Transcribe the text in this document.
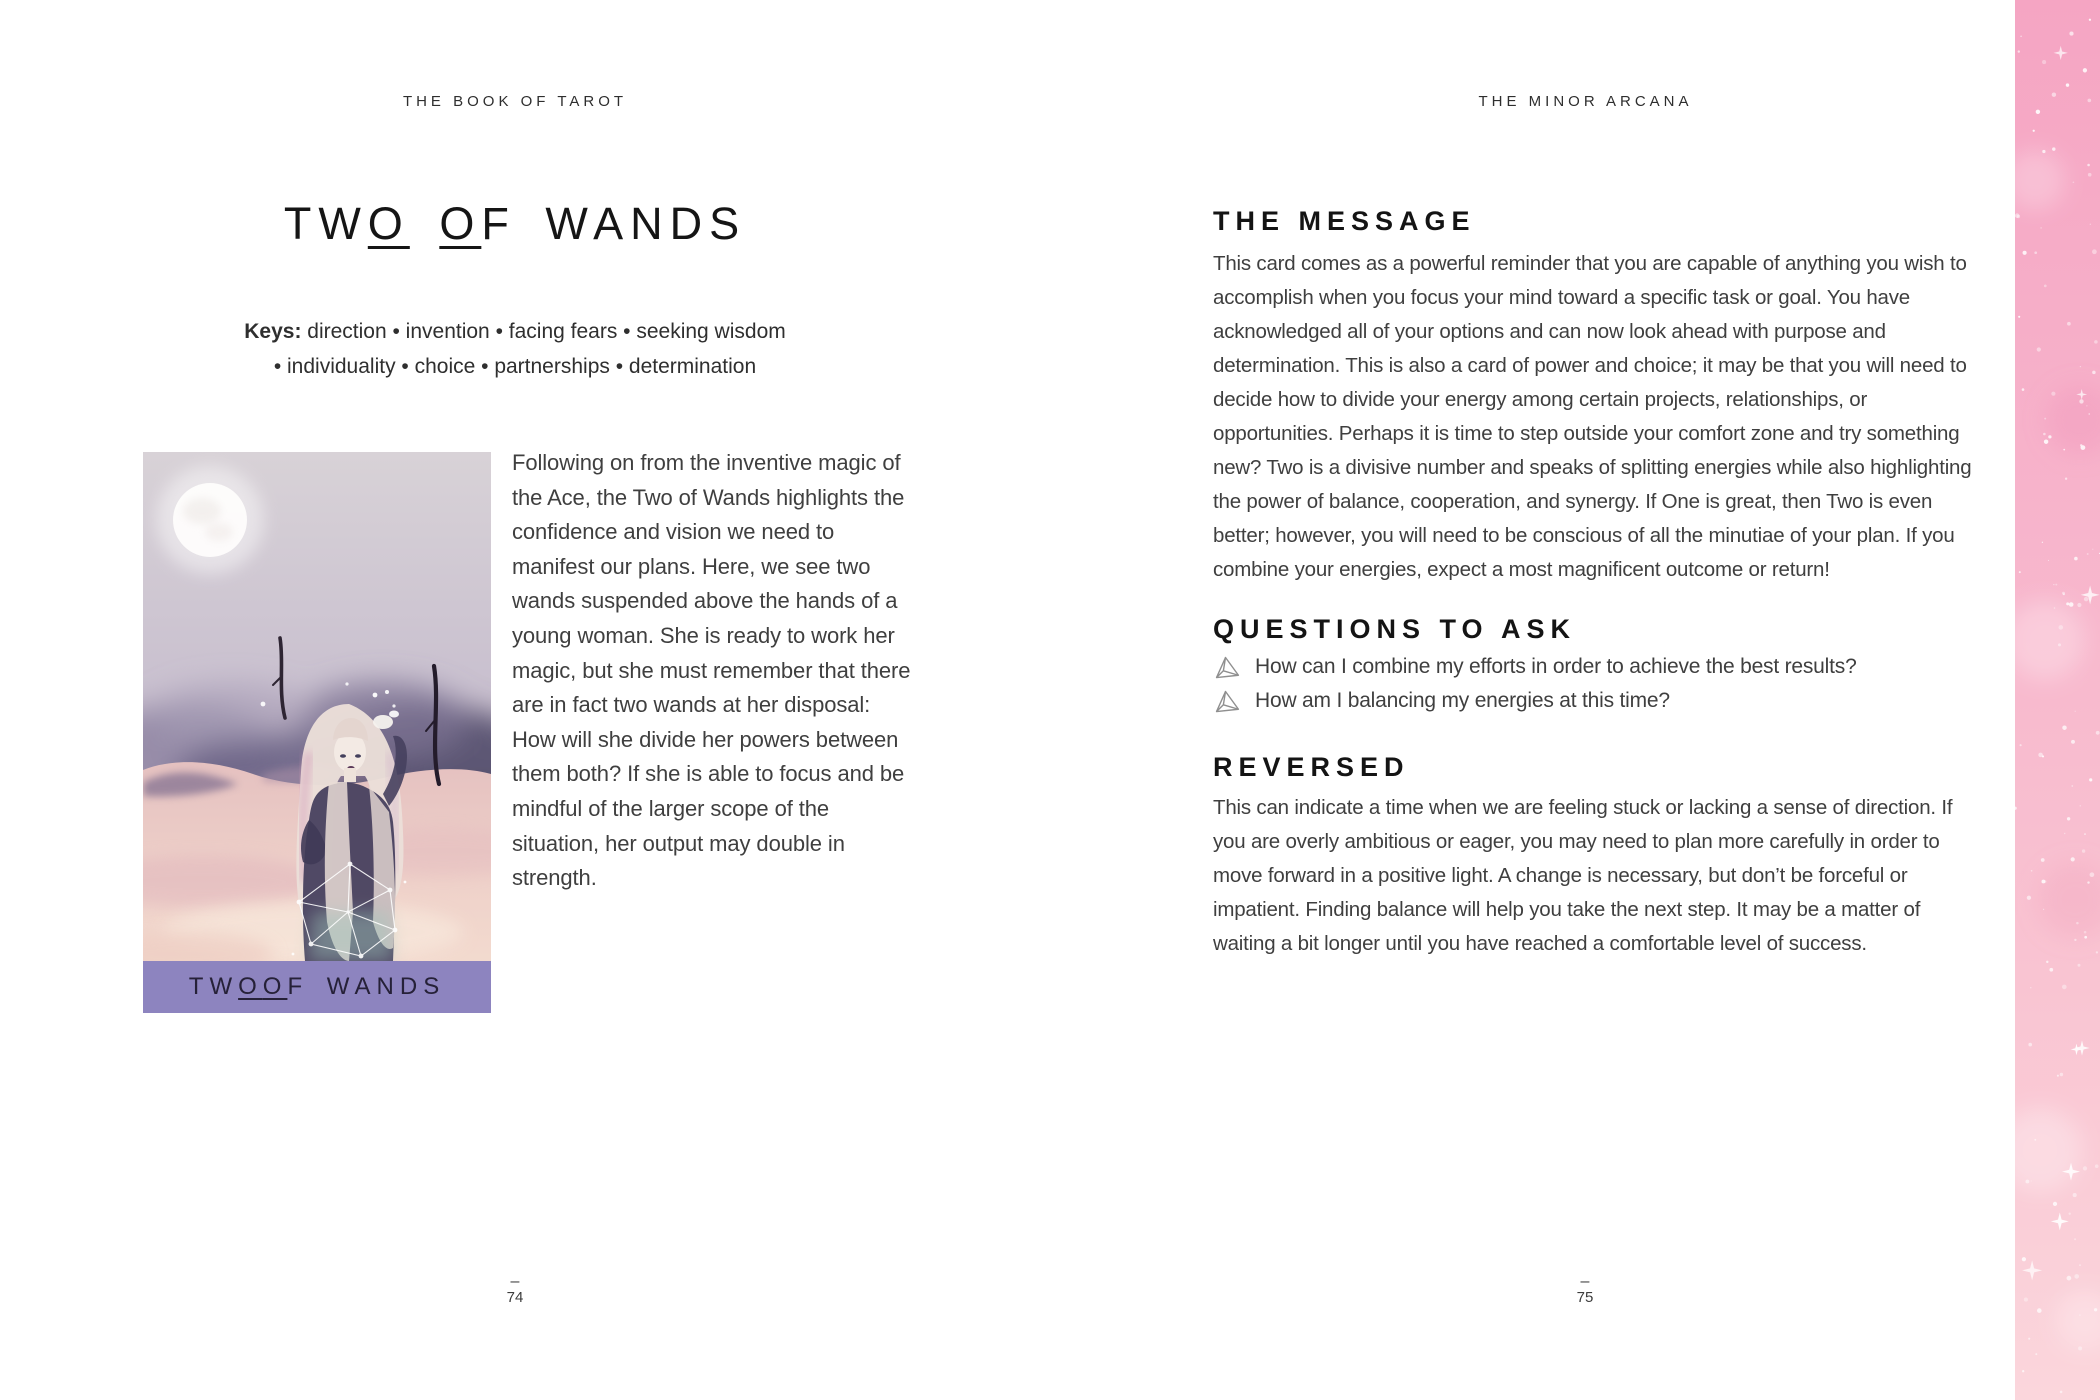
THE BOOK OF TAROT
TWO OF WANDS
Keys: direction • invention • facing fears • seeking wisdom
• individuality • choice • partnerships • determination
TW O O F WANDS

Following on from the inventive magic of the Ace, the Two of Wands highlights the confidence and vision we need to manifest our plans. Here, we see two wands suspended above the hands of a young woman. She is ready to work her magic, but she must remember that there are in fact two wands at her disposal: How will she divide her powers between them both? If she is able to focus and be mindful of the larger scope of the situation, her output may double in strength.

–
74
THE MINOR ARCANA
THE MESSAGE

This card comes as a powerful reminder that you are capable of anything you wish to accomplish when you focus your mind toward a specific task or goal. You have acknowledged all of your options and can now look ahead with purpose and determination. This is also a card of power and choice; it may be that you will need to decide how to divide your energy among certain projects, relationships, or opportunities. Perhaps it is time to step outside your comfort zone and try something new? Two is a divisive number and speaks of splitting energies while also highlighting the power of balance, cooperation, and synergy. If One is great, then Two is even better; however, you will need to be conscious of all the minutiae of your plan. If you combine your energies, expect a most magnificent outcome or return!

QUESTIONS TO ASK
How can I combine my efforts in order to achieve the best results?
How am I balancing my energies at this time?
REVERSED

This can indicate a time when we are feeling stuck or lacking a sense of direction. If you are overly ambitious or eager, you may need to plan more carefully in order to move forward in a positive light. A change is necessary, but don’t be forceful or impatient. Finding balance will help you take the next step. It may be a matter of waiting a bit longer until you have reached a comfortable level of success.

–
75
